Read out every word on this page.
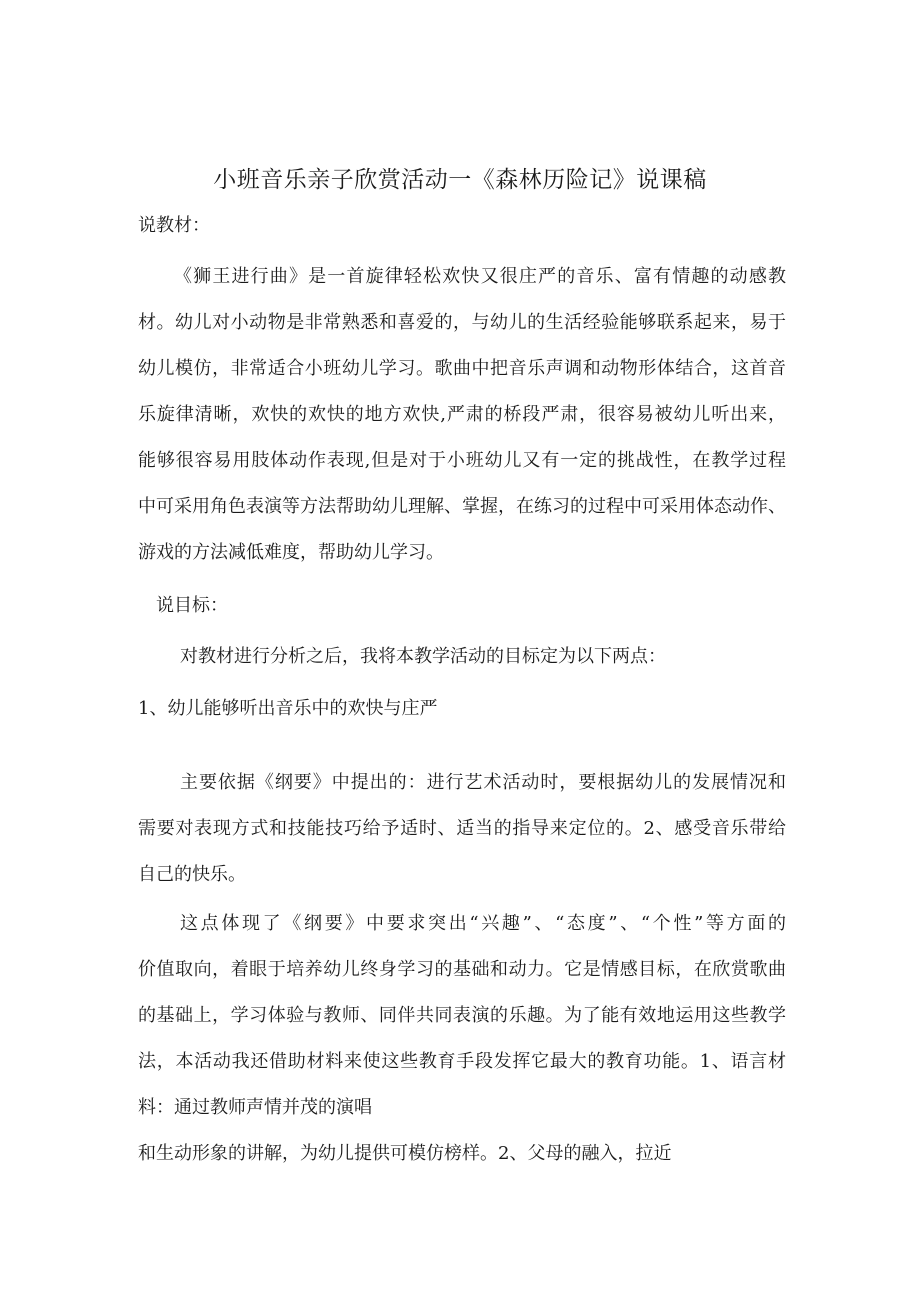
小班音乐亲子欣赏活动一《森林历险记》说课稿
说教材：
《狮王进行曲》是一首旋律轻松欢快又很庄严的音乐、富有情趣的动感教
材。幼儿对小动物是非常熟悉和喜爱的，与幼儿的生活经验能够联系起来，易于
幼儿模仿，非常适合小班幼儿学习。歌曲中把音乐声调和动物形体结合，这首音
乐旋律清晰，欢快的欢快的地方欢快,严肃的桥段严肃，很容易被幼儿听出来，
能够很容易用肢体动作表现,但是对于小班幼儿又有一定的挑战性，在教学过程
中可采用角色表演等方法帮助幼儿理解、掌握，在练习的过程中可采用体态动作、
游戏的方法减低难度，帮助幼儿学习。
说目标：
对教材进行分析之后，我将本教学活动的目标定为以下两点：
1、幼儿能够听出音乐中的欢快与庄严
主要依据《纲要》中提出的：进行艺术活动时，要根据幼儿的发展情况和
需要对表现方式和技能技巧给予适时、适当的指导来定位的。2、感受音乐带给
自己的快乐。
这点体现了《纲要》中要求突出“兴趣”、“态度”、“个性”等方面的
价值取向，着眼于培养幼儿终身学习的基础和动力。它是情感目标，在欣赏歌曲
的基础上，学习体验与教师、同伴共同表演的乐趣。为了能有效地运用这些教学
法，本活动我还借助材料来使这些教育手段发挥它最大的教育功能。1、语言材
料：通过教师声情并茂的演唱
和生动形象的讲解，为幼儿提供可模仿榜样。2、父母的融入，拉近
